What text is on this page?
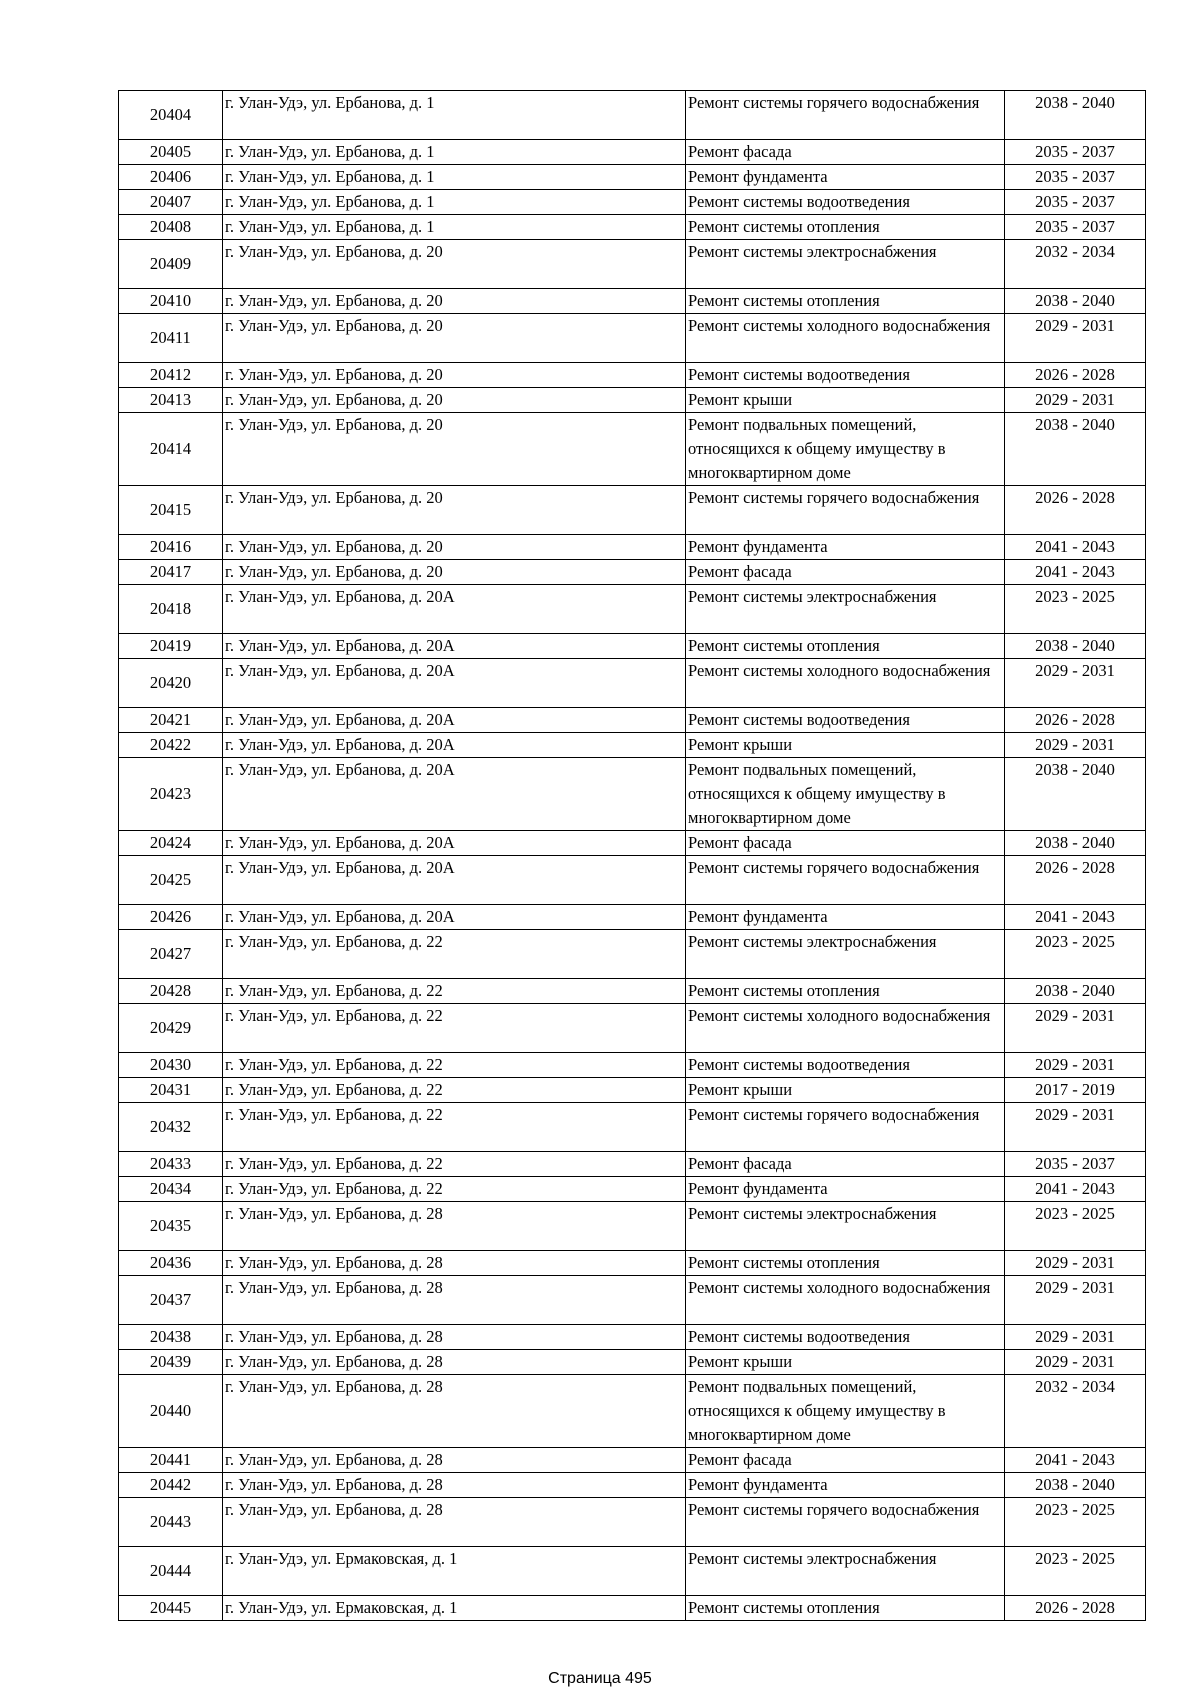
20404	г. Улан-Удэ, ул. Ербанова, д. 1	Ремонт системы горячего водоснабжения	2038 - 2040
20405	г. Улан-Удэ, ул. Ербанова, д. 1	Ремонт фасада	2035 - 2037
20406	г. Улан-Удэ, ул. Ербанова, д. 1	Ремонт фундамента	2035 - 2037
20407	г. Улан-Удэ, ул. Ербанова, д. 1	Ремонт системы водоотведения	2035 - 2037
20408	г. Улан-Удэ, ул. Ербанова, д. 1	Ремонт системы отопления	2035 - 2037
20409	г. Улан-Удэ, ул. Ербанова, д. 20	Ремонт системы электроснабжения	2032 - 2034
20410	г. Улан-Удэ, ул. Ербанова, д. 20	Ремонт системы отопления	2038 - 2040
20411	г. Улан-Удэ, ул. Ербанова, д. 20	Ремонт системы холодного водоснабжения	2029 - 2031
20412	г. Улан-Удэ, ул. Ербанова, д. 20	Ремонт системы водоотведения	2026 - 2028
20413	г. Улан-Удэ, ул. Ербанова, д. 20	Ремонт крыши	2029 - 2031
20414	г. Улан-Удэ, ул. Ербанова, д. 20	Ремонт подвальных помещений, относящихся к общему имуществу в многоквартирном доме	2038 - 2040
20415	г. Улан-Удэ, ул. Ербанова, д. 20	Ремонт системы горячего водоснабжения	2026 - 2028
20416	г. Улан-Удэ, ул. Ербанова, д. 20	Ремонт фундамента	2041 - 2043
20417	г. Улан-Удэ, ул. Ербанова, д. 20	Ремонт фасада	2041 - 2043
20418	г. Улан-Удэ, ул. Ербанова, д. 20А	Ремонт системы электроснабжения	2023 - 2025
20419	г. Улан-Удэ, ул. Ербанова, д. 20А	Ремонт системы отопления	2038 - 2040
20420	г. Улан-Удэ, ул. Ербанова, д. 20А	Ремонт системы холодного водоснабжения	2029 - 2031
20421	г. Улан-Удэ, ул. Ербанова, д. 20А	Ремонт системы водоотведения	2026 - 2028
20422	г. Улан-Удэ, ул. Ербанова, д. 20А	Ремонт крыши	2029 - 2031
20423	г. Улан-Удэ, ул. Ербанова, д. 20А	Ремонт подвальных помещений, относящихся к общему имуществу в многоквартирном доме	2038 - 2040
20424	г. Улан-Удэ, ул. Ербанова, д. 20А	Ремонт фасада	2038 - 2040
20425	г. Улан-Удэ, ул. Ербанова, д. 20А	Ремонт системы горячего водоснабжения	2026 - 2028
20426	г. Улан-Удэ, ул. Ербанова, д. 20А	Ремонт фундамента	2041 - 2043
20427	г. Улан-Удэ, ул. Ербанова, д. 22	Ремонт системы электроснабжения	2023 - 2025
20428	г. Улан-Удэ, ул. Ербанова, д. 22	Ремонт системы отопления	2038 - 2040
20429	г. Улан-Удэ, ул. Ербанова, д. 22	Ремонт системы холодного водоснабжения	2029 - 2031
20430	г. Улан-Удэ, ул. Ербанова, д. 22	Ремонт системы водоотведения	2029 - 2031
20431	г. Улан-Удэ, ул. Ербанова, д. 22	Ремонт крыши	2017 - 2019
20432	г. Улан-Удэ, ул. Ербанова, д. 22	Ремонт системы горячего водоснабжения	2029 - 2031
20433	г. Улан-Удэ, ул. Ербанова, д. 22	Ремонт фасада	2035 - 2037
20434	г. Улан-Удэ, ул. Ербанова, д. 22	Ремонт фундамента	2041 - 2043
20435	г. Улан-Удэ, ул. Ербанова, д. 28	Ремонт системы электроснабжения	2023 - 2025
20436	г. Улан-Удэ, ул. Ербанова, д. 28	Ремонт системы отопления	2029 - 2031
20437	г. Улан-Удэ, ул. Ербанова, д. 28	Ремонт системы холодного водоснабжения	2029 - 2031
20438	г. Улан-Удэ, ул. Ербанова, д. 28	Ремонт системы водоотведения	2029 - 2031
20439	г. Улан-Удэ, ул. Ербанова, д. 28	Ремонт крыши	2029 - 2031
20440	г. Улан-Удэ, ул. Ербанова, д. 28	Ремонт подвальных помещений, относящихся к общему имуществу в многоквартирном доме	2032 - 2034
20441	г. Улан-Удэ, ул. Ербанова, д. 28	Ремонт фасада	2041 - 2043
20442	г. Улан-Удэ, ул. Ербанова, д. 28	Ремонт фундамента	2038 - 2040
20443	г. Улан-Удэ, ул. Ербанова, д. 28	Ремонт системы горячего водоснабжения	2023 - 2025
20444	г. Улан-Удэ, ул. Ермаковская, д. 1	Ремонт системы электроснабжения	2023 - 2025
20445	г. Улан-Удэ, ул. Ермаковская, д. 1	Ремонт системы отопления	2026 - 2028
Страница 495
